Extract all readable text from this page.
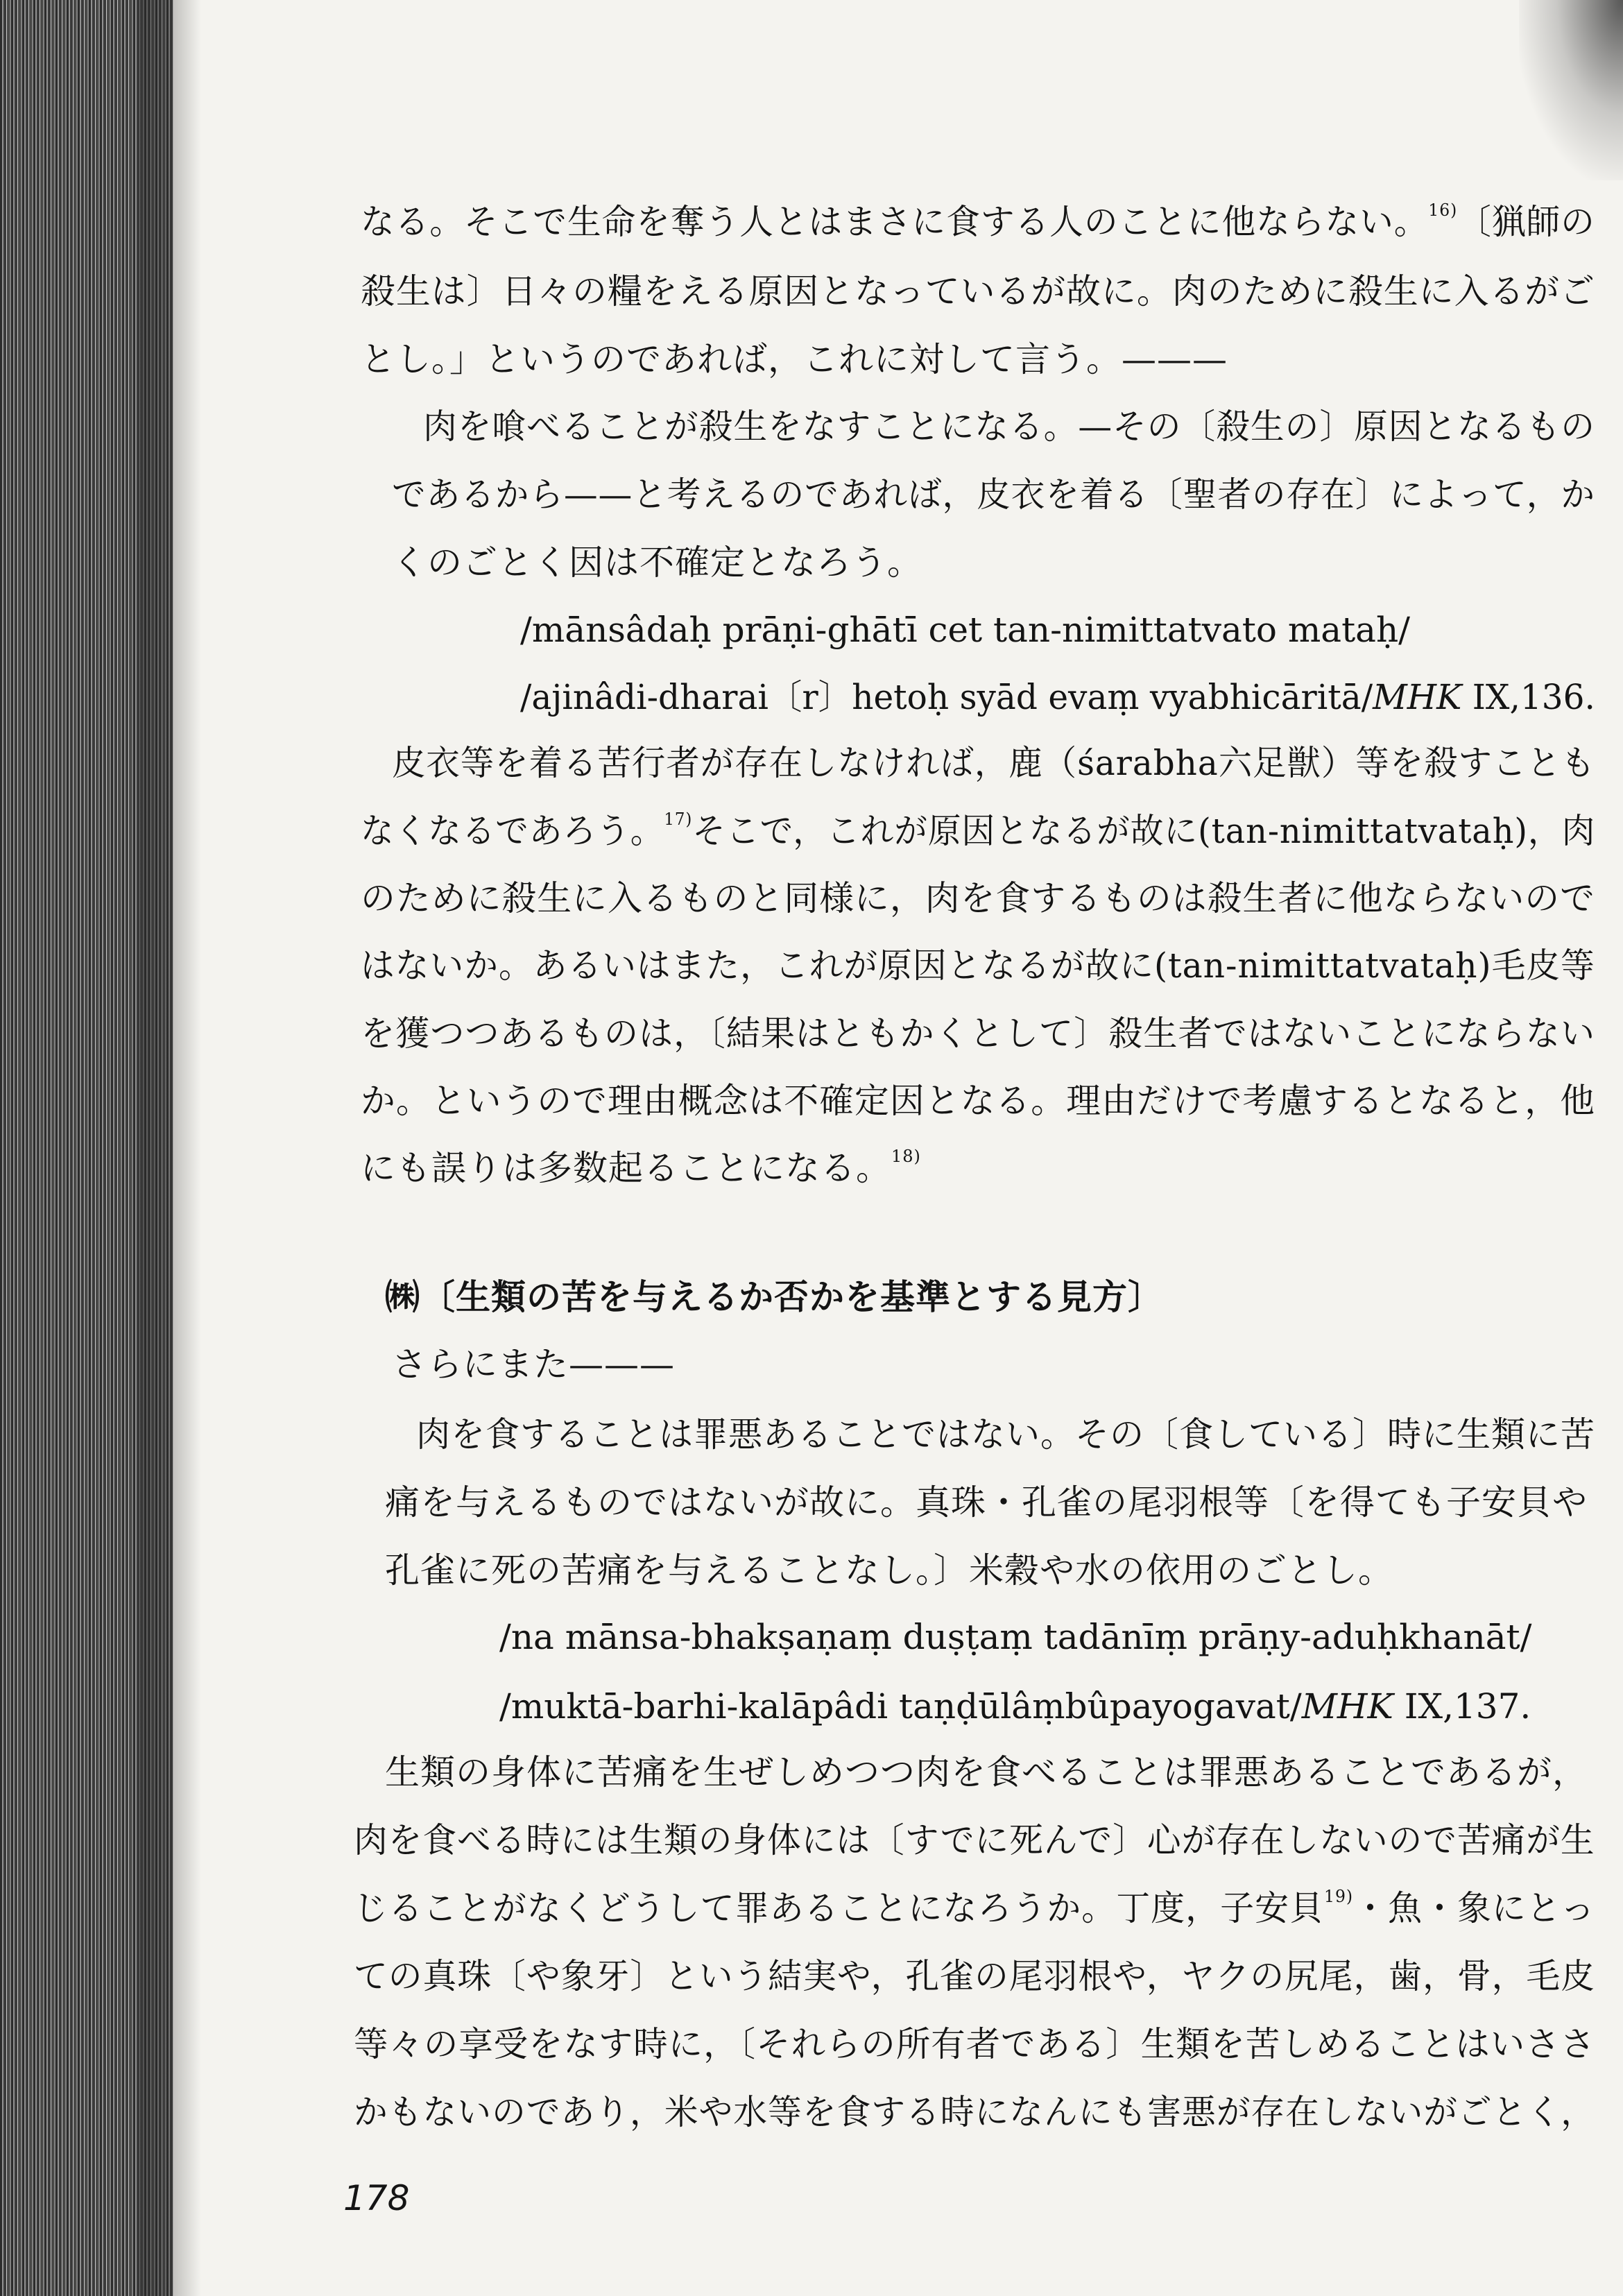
なる。そこで生命を奪う人とはまさに食する人のことに他ならない。$^{16)}$〔猟師の
殺生は〕日々の糧をえる原因となっているが故に。肉のために殺生に入るがご
とし。」というのであれば，これに対して言う。———
肉を喰べることが殺生をなすことになる。—その〔殺生の〕原因となるもの
であるから——と考えるのであれば，皮衣を着る〔聖者の存在〕によって，か
くのごとく因は不確定となろう。
/mānsâdaḥ prāṇi-ghātī cet tan-nimittatvato mataḥ/
/ajinâdi-dharai〔r〕hetoḥ syād evaṃ vyabhicāritā/MHK IX,136.
皮衣等を着る苦行者が存在しなければ，鹿（śarabha六足獣）等を殺すことも
なくなるであろう。$^{17)}$そこで，これが原因となるが故に(tan-nimittatvataḥ)，肉
のために殺生に入るものと同様に，肉を食するものは殺生者に他ならないので
はないか。あるいはまた，これが原因となるが故に(tan-nimittatvataḥ)毛皮等
を獲つつあるものは，〔結果はともかくとして〕殺生者ではないことにならない
か。というので理由概念は不確定因となる。理由だけで考慮するとなると，他
にも誤りは多数起ることになる。$^{18)}$
㈱〔生類の苦を与えるか否かを基準とする見方〕
さらにまた———
肉を食することは罪悪あることではない。その〔食している〕時に生類に苦
痛を与えるものではないが故に。真珠・孔雀の尾羽根等〔を得ても子安貝や
孔雀に死の苦痛を与えることなし。〕米穀や水の依用のごとし。
/na mānsa-bhakṣaṇaṃ duṣṭaṃ tadānīṃ prāṇy-aduḥkhanāt/
/muktā-barhi-kalāpâdi taṇḍūlâṃbûpayogavat/MHK IX,137.
生類の身体に苦痛を生ぜしめつつ肉を食べることは罪悪あることであるが，
肉を食べる時には生類の身体には〔すでに死んで〕心が存在しないので苦痛が生
じることがなくどうして罪あることになろうか。丁度，子安貝$^{19)}$・魚・象にとっ
ての真珠〔や象牙〕という結実や，孔雀の尾羽根や，ヤクの尻尾，歯，骨，毛皮
等々の享受をなす時に，〔それらの所有者である〕生類を苦しめることはいささ
かもないのであり，米や水等を食する時になんにも害悪が存在しないがごとく，
178
